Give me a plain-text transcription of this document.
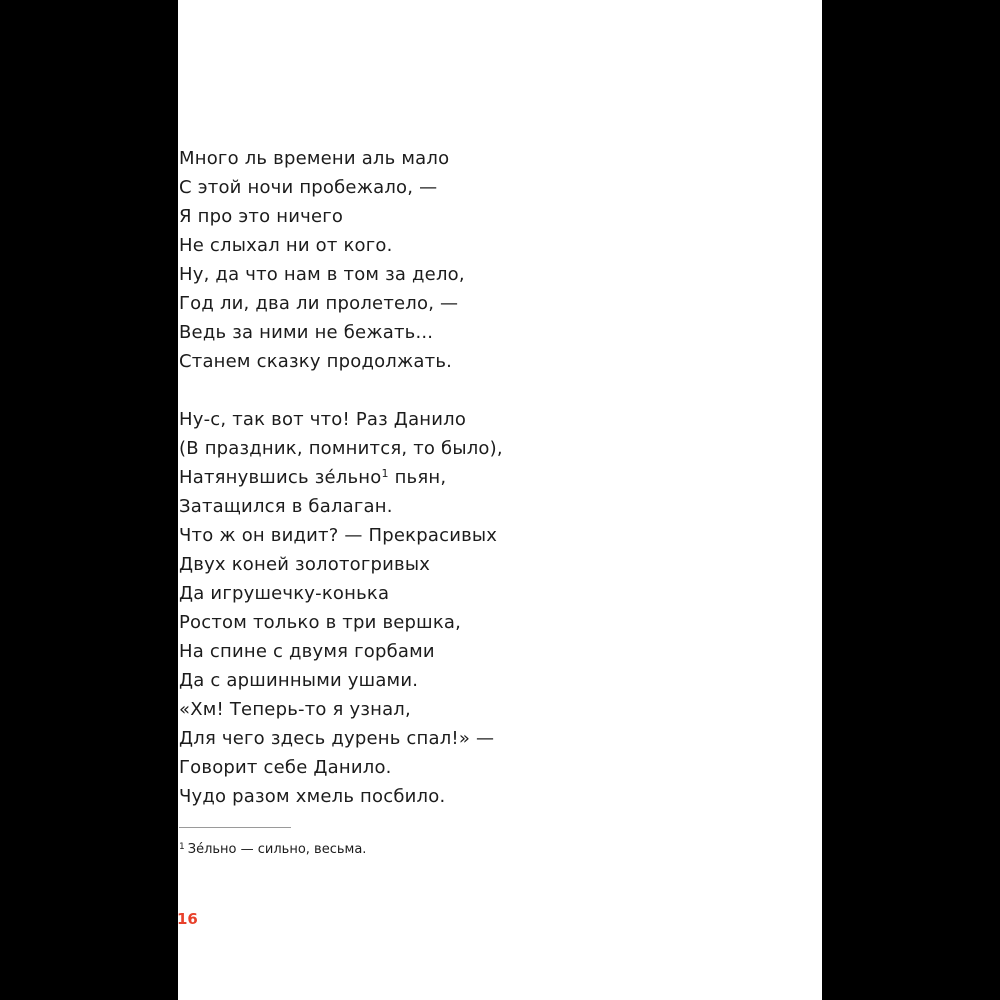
Много ль времени аль мало
С этой ночи пробежало, —
Я про это ничего
Не слыхал ни от кого.
Ну, да что нам в том за дело,
Год ли, два ли пролетело, —
Ведь за ними не бежать...
Станем сказку продолжать.
Ну-с, так вот что! Раз Данило
(В праздник, помнится, то было),
Натянувшись зе́льно$^1$ пьян,
Затащился в балаган.
Что ж он видит? — Прекрасивых
Двух коней золотогривых
Да игрушечку-конька
Ростом только в три вершка,
На спине с двумя горбами
Да с аршинными ушами.
«Хм! Теперь-то я узнал,
Для чего здесь дурень спал!» —
Говорит себе Данило.
Чудо разом хмель посбило.
$^1$ Зе́льно — сильно, весьма.
16
